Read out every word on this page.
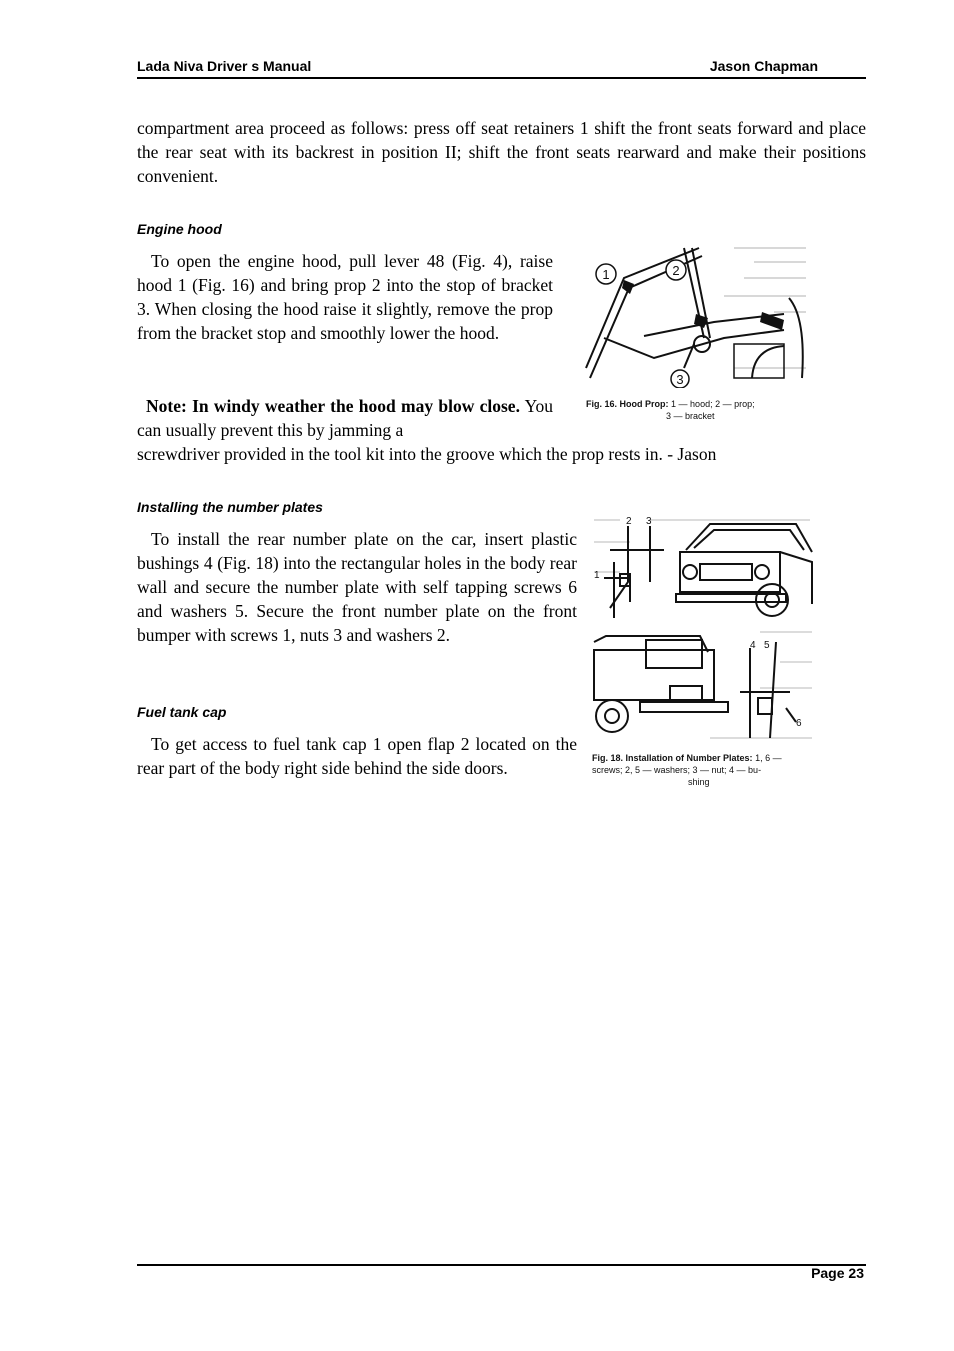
Lada Niva Driver s Manual	Jason Chapman

compartment area proceed as follows: press off seat retainers 1 shift the front seats forward and place the rear seat with its backrest in position II; shift the front seats rearward and make their positions convenient.

Engine hood

To open the engine hood, pull lever 48 (Fig. 4), raise hood 1 (Fig. 16) and bring prop 2 into the stop of bracket 3. When closing the hood raise it slightly, remove the prop from the bracket stop and smoothly lower the hood.

Note: In windy weather the hood may blow close. You can usually prevent this by jamming a

screwdriver provided in the tool kit into the groove which the prop rests in. - Jason

1	2
3
Fig. 16. Hood Prop: 1 — hood; 2 — prop;
3 — bracket
Installing the number plates

To install the rear number plate on the car, insert plastic bushings 4 (Fig. 18) into the rectangular holes in the body rear wall and secure the number plate with self tapping screws 6 and washers 5. Secure the front number plate on the front bumper with screws 1, nuts 3 and washers 2.

2 3
1
4 5
6
Fig. 18. Installation of Number Plates: 1, 6 —
screws; 2, 5 — washers; 3 — nut; 4 — bu-
shing
Fuel tank cap

To get access to fuel tank cap 1 open flap 2 located on the rear part of the body right side behind the side doors.

Page 23
